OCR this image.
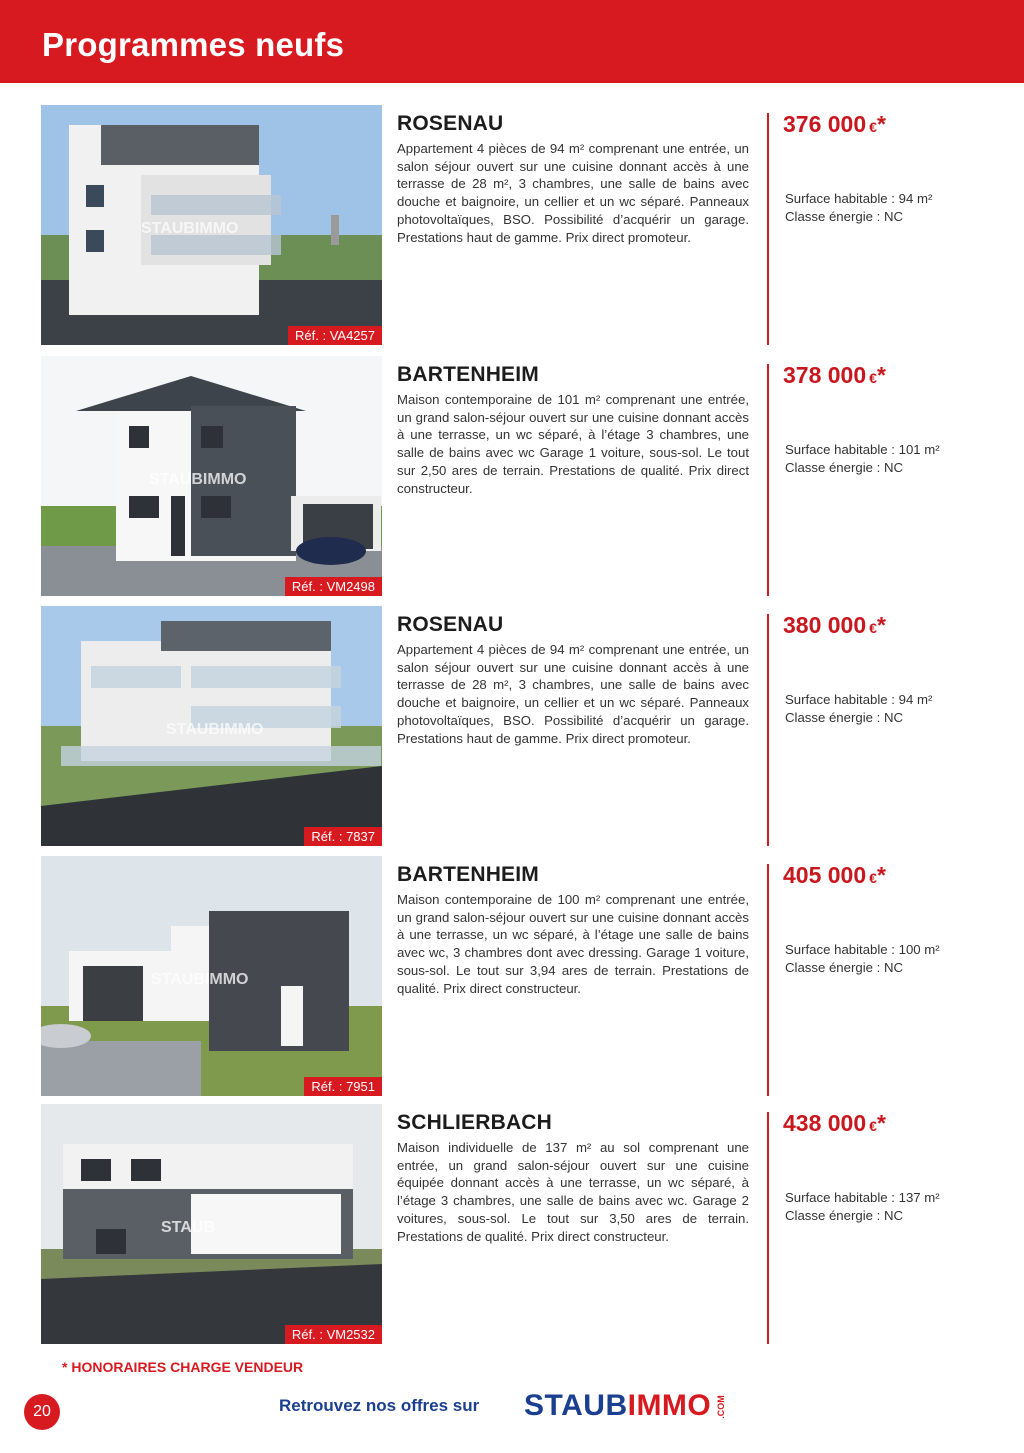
Programmes neufs
STAUBIMMO
Réf. : VA4257
ROSENAU
Appartement 4 pièces de 94 m² comprenant une entrée, un salon séjour ouvert sur une cuisine donnant accès à une terrasse de 28 m², 3 chambres, une salle de bains avec douche et baignoire, un cellier et un wc séparé. Panneaux photovoltaïques, BSO. Possibilité d’acquérir un garage. Prestations haut de gamme. Prix direct promoteur.
376 000 €*
Surface habitable : 94 m²
Classe énergie : NC
STAUBIMMO
Réf. : VM2498
BARTENHEIM
Maison contemporaine de 101 m² comprenant une entrée, un grand salon-séjour ouvert sur une cuisine donnant accès à une terrasse, un wc séparé, à l’étage 3 chambres, une salle de bains avec wc Garage 1 voiture, sous-sol. Le tout sur 2,50 ares de terrain. Prestations de qualité. Prix direct constructeur.
378 000 €*
Surface habitable : 101 m²
Classe énergie : NC
STAUBIMMO
Réf. : 7837
ROSENAU
Appartement 4 pièces de 94 m² comprenant une entrée, un salon séjour ouvert sur une cuisine donnant accès à une terrasse de 28 m², 3 chambres, une salle de bains avec douche et baignoire, un cellier et un wc séparé. Panneaux photovoltaïques, BSO. Possibilité d’acquérir un garage. Prestations haut de gamme. Prix direct promoteur.
380 000 €*
Surface habitable : 94 m²
Classe énergie : NC
STAUBIMMO
Réf. : 7951
BARTENHEIM
Maison contemporaine de 100 m² comprenant une entrée, un grand salon-séjour ouvert sur une cuisine donnant accès à une terrasse, un wc séparé, à l’étage une salle de bains avec wc, 3 chambres dont avec dressing. Garage 1 voiture, sous-sol. Le tout sur 3,94 ares de terrain. Prestations de qualité. Prix direct constructeur.
405 000 €*
Surface habitable : 100 m²
Classe énergie : NC
STAUB
Réf. : VM2532
SCHLIERBACH
Maison individuelle de 137 m² au sol comprenant une entrée, un grand salon-séjour ouvert sur une cuisine équipée donnant accès à une terrasse, un wc séparé, à l’étage 3 chambres, une salle de bains avec wc. Garage 2 voitures, sous-sol. Le tout sur 3,50 ares de terrain. Prestations de qualité. Prix direct constructeur.
438 000 €*
Surface habitable : 137 m²
Classe énergie : NC
* HONORAIRES CHARGE VENDEUR
20	Retrouvez nos offres sur STAUBIMMO .COM
